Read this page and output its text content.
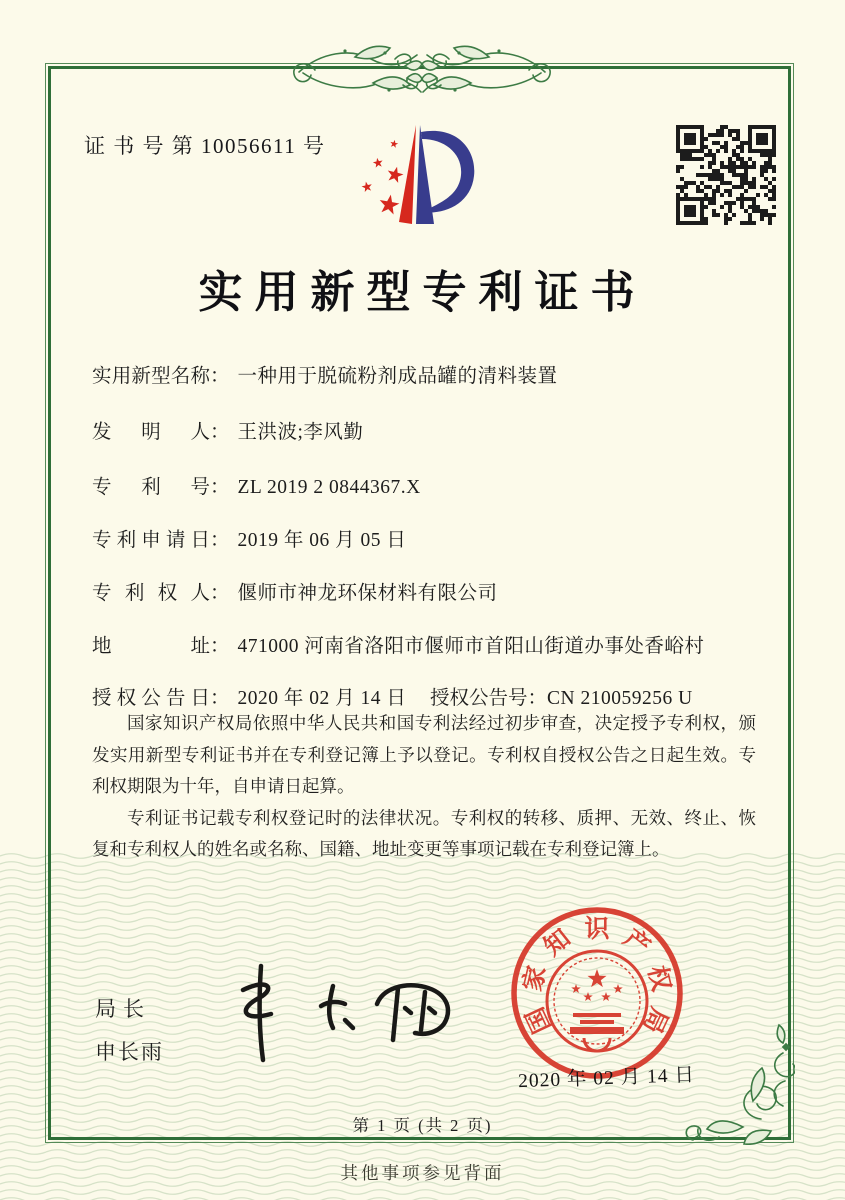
证 书 号 第 10056611 号
实用新型专利证书
实用新型名称： 一种用于脱硫粉剂成品罐的清料装置
发明人： 王洪波;李风勤
专利号： ZL 2019 2 0844367.X
专利申请日： 2019 年 06 月 05 日
专利权人： 偃师市神龙环保材料有限公司
地址： 471000 河南省洛阳市偃师市首阳山街道办事处香峪村
授权公告日： 2020 年 02 月 14 日 授权公告号：CN 210059256 U

国家知识产权局依照中华人民共和国专利法经过初步审查，决定授予专利权，颁发实用新型专利证书并在专利登记簿上予以登记。专利权自授权公告之日起生效。专利权期限为十年，自申请日起算。

专利证书记载专利权登记时的法律状况。专利权的转移、质押、无效、终止、恢复和专利权人的姓名或名称、国籍、地址变更等事项记载在专利登记簿上。

局长
申长雨
国
家
知 识 产
权
局
2020 年 02 月 14 日
第 1 页 (共 2 页)
其他事项参见背面
